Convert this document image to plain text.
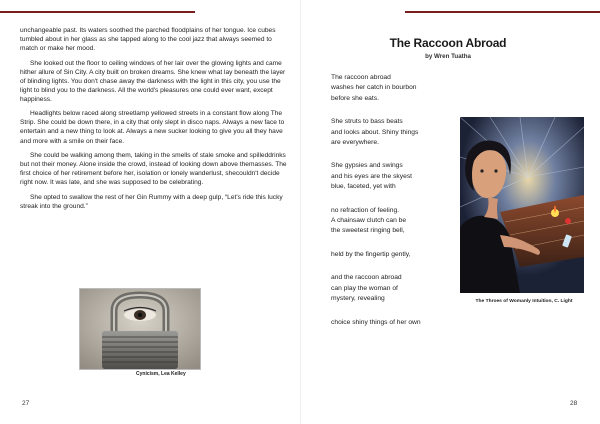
unchangeable past. Its waters soothed the parched floodplains of her tongue. Ice cubes tumbled about in her glass as she tapped along to the cool jazz that always seemed to match or make her mood.

She looked out the floor to ceiling windows of her lair over the glowing lights and came hither allure of Sin City. A city built on broken dreams. She knew what lay beneath the layer of blinding lights. You don't chase away the darkness with the light in this city, you use the light to blind you to the darkness. All the world's pleasures one could ever want, except happiness.

Headlights below raced along streetlamp yellowed streets in a constant flow along The Strip. She could be down there, in a city that only slept in disco naps. Always a new face to entertain and a new thing to look at. Always a new sucker looking to give you all they have and more with a smile on their face.

She could be walking among them, taking in the smells of stale smoke and spilleddrinks but not their money. Alone inside the crowd, instead of looking down above themasses. The first choice of her retirement before her, isolation or lonely wanderlust, shecouldn't decide right now. It was late, and she was supposed to be celebrating.

She opted to swallow the rest of her Gin Rummy with a deep gulp, “Let's ride this lucky streak into the ground.”

Cynicism, Lea Kelley
27
The Raccoon Abroad
by Wren Tuatha
The raccoon abroad
washes her catch in bourbon
before she eats.
She struts to bass beats
and looks about. Shiny things
are everywhere.
She gypsies and swings
and his eyes are the skyest
blue, faceted, yet with
no refraction of feeling.
A chainsaw clutch can be
the sweetest ringing bell,
held by the fingertip gently,
and the raccoon abroad
can play the woman of
mystery, revealing
choice shiny things of her own
The Throes of Womanly Intuition, C. Light
28
